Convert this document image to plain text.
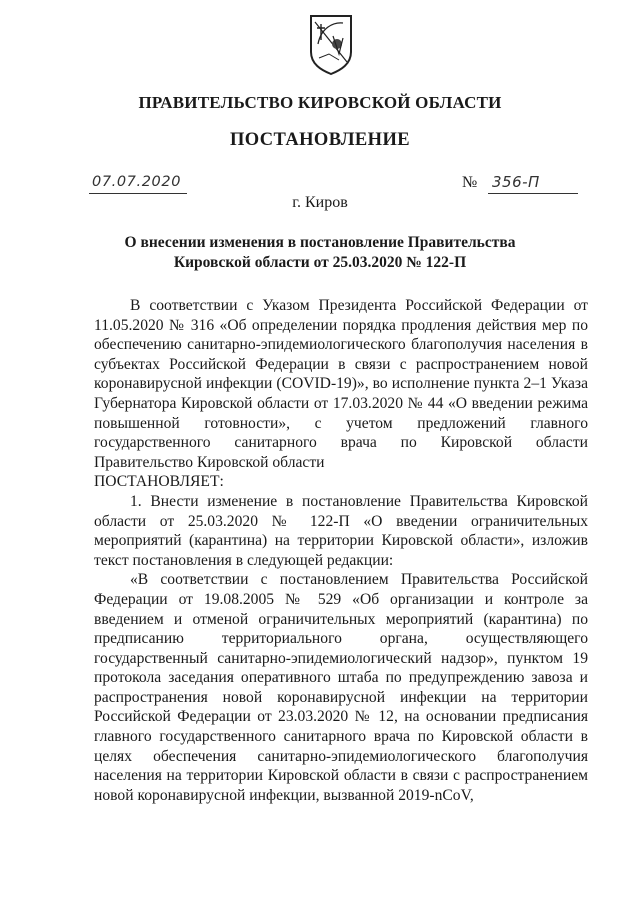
ПРАВИТЕЛЬСТВО КИРОВСКОЙ ОБЛАСТИ
ПОСТАНОВЛЕНИЕ
07.07.2020	№ 356-П
г. Киров
О внесении изменения в постановление Правительства
Кировской области от 25.03.2020 № 122-П

В соответствии с Указом Президента Российской Федерации от 11.05.2020 № 316 «Об определении порядка продления действия мер по обеспечению санитарно-эпидемиологического благополучия населения в субъектах Российской Федерации в связи с распространением новой коронавирусной инфекции (COVID-19)», во исполнение пункта 2–1 Указа Губернатора Кировской области от 17.03.2020 № 44 «О введении режима повышенной готовности», с учетом предложений главного государственного санитарного врача по Кировской области Правительство Кировской области

ПОСТАНОВЛЯЕТ:

1. Внести изменение в постановление Правительства Кировской области от 25.03.2020 № 122-П «О введении ограничительных мероприятий (карантина) на территории Кировской области», изложив текст постановления в следующей редакции:

«В соответствии с постановлением Правительства Российской Федерации от 19.08.2005 № 529 «Об организации и контроле за введением и отменой ограничительных мероприятий (карантина) по предписанию территориального органа, осуществляющего государственный санитарно-эпидемиологический надзор», пунктом 19 протокола заседания оперативного штаба по предупреждению завоза и распространения новой коронавирусной инфекции на территории Российской Федерации от 23.03.2020 № 12, на основании предписания главного государственного санитарного врача по Кировской области в целях обеспечения санитарно-эпидемиологического благополучия населения на территории Кировской области в связи с распространением новой коронавирусной инфекции, вызванной 2019-nCoV,
